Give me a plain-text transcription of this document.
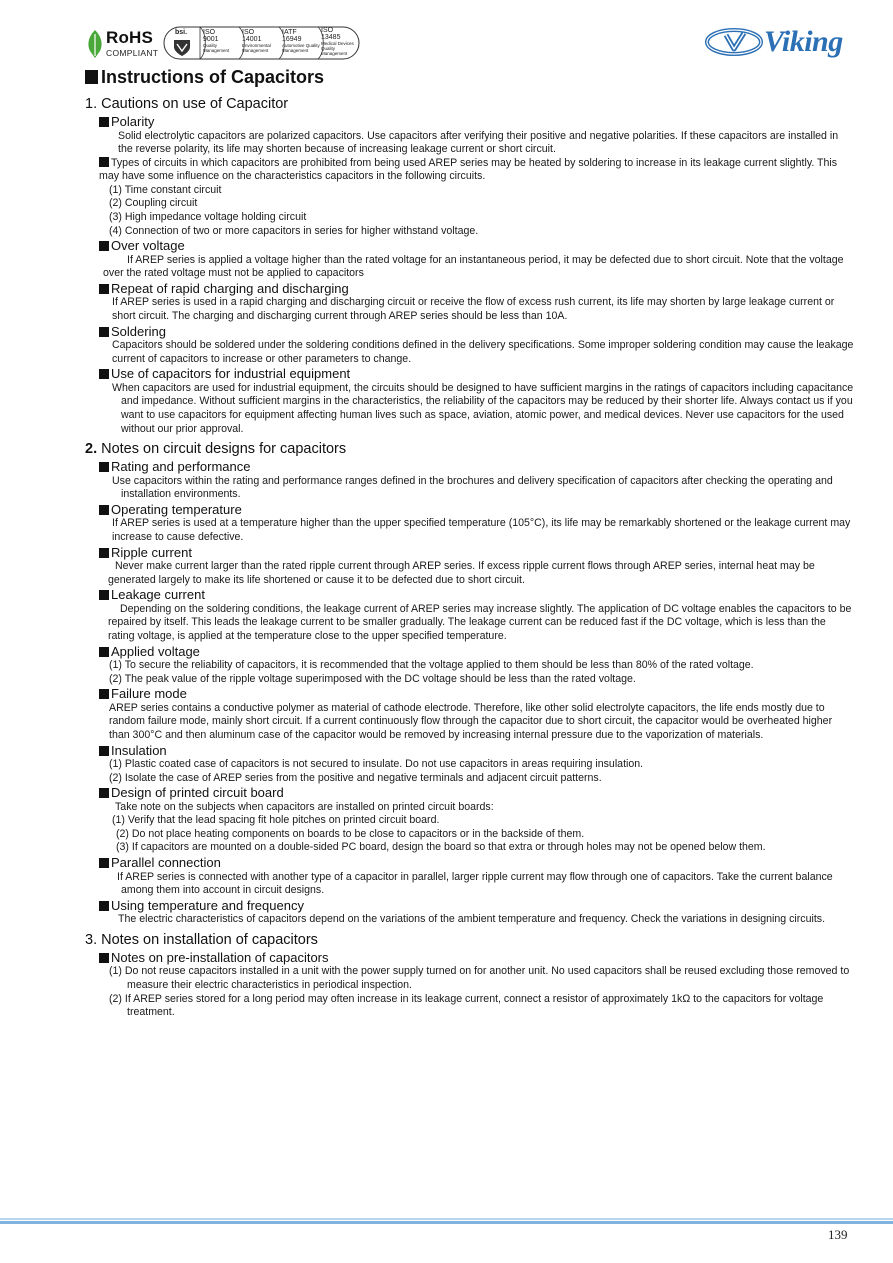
RoHS
COMPLIANT
bsi. ISO
9001
Quality
Management
ISO
14001
Environmental
Management
IATF
16949
Automotive Quality
Management
ISO
13485
Medical Devices
Quality Management	Viking
Instructions of Capacitors
1. Cautions on use of Capacitor
Polarity

Solid electrolytic capacitors are polarized capacitors. Use capacitors after verifying their positive and negative polarities. If these capacitors are installed in the reverse polarity, its life may shorten because of increasing leakage current or short circuit.

Types of circuits in which capacitors are prohibited from being used AREP series may be heated by soldering to increase in its leakage current slightly. This may have some influence on the characteristics capacitors in the following circuits.

(1) Time constant circuit

(2) Coupling circuit

(3) High impedance voltage holding circuit

(4) Connection of two or more capacitors in series for higher withstand voltage.

Over voltage

If AREP series is applied a voltage higher than the rated voltage for an instantaneous period, it may be defected due to short circuit. Note that the voltage over the rated voltage must not be applied to capacitors

Repeat of rapid charging and discharging

If AREP series is used in a rapid charging and discharging circuit or receive the flow of excess rush current, its life may shorten by large leakage current or short circuit. The charging and discharging current through AREP series should be less than 10A.

Soldering

Capacitors should be soldered under the soldering conditions defined in the delivery specifications. Some improper soldering condition may cause the leakage current of capacitors to increase or other parameters to change.

Use of capacitors for industrial equipment

When capacitors are used for industrial equipment, the circuits should be designed to have sufficient margins in the ratings of capacitors including capacitance and impedance. Without sufficient margins in the characteristics, the reliability of the capacitors may be reduced by their shorter life. Always contact us if you want to use capacitors for equipment affecting human lives such as space, aviation, atomic power, and medical devices. Never use capacitors for the used without our prior approval.

2. Notes on circuit designs for capacitors
Rating and performance

Use capacitors within the rating and performance ranges defined in the brochures and delivery specification of capacitors after checking the operating and installation environments.

Operating temperature

If AREP series is used at a temperature higher than the upper specified temperature (105°C), its life may be remarkably shortened or the leakage current may increase to cause defective.

Ripple current

Never make current larger than the rated ripple current through AREP series. If excess ripple current flows through AREP series, internal heat may be generated largely to make its life shortened or cause it to be defected due to short circuit.

Leakage current

Depending on the soldering conditions, the leakage current of AREP series may increase slightly. The application of DC voltage enables the capacitors to be repaired by itself. This leads the leakage current to be smaller gradually. The leakage current can be reduced fast if the DC voltage, which is less than the rating voltage, is applied at the temperature close to the upper specified temperature.

Applied voltage

(1) To secure the reliability of capacitors, it is recommended that the voltage applied to them should be less than 80% of the rated voltage.

(2) The peak value of the ripple voltage superimposed with the DC voltage should be less than the rated voltage.

Failure mode

AREP series contains a conductive polymer as material of cathode electrode. Therefore, like other solid electrolyte capacitors, the life ends mostly due to random failure mode, mainly short circuit. If a current continuously flow through the capacitor due to short circuit, the capacitor would be overheated higher than 300°C and then aluminum case of the capacitor would be removed by increasing internal pressure due to the vaporization of materials.

Insulation

(1) Plastic coated case of capacitors is not secured to insulate. Do not use capacitors in areas requiring insulation.

(2) Isolate the case of AREP series from the positive and negative terminals and adjacent circuit patterns.

Design of printed circuit board

Take note on the subjects when capacitors are installed on printed circuit boards:

(1) Verify that the lead spacing fit hole pitches on printed circuit board.

(2) Do not place heating components on boards to be close to capacitors or in the backside of them.

(3) If capacitors are mounted on a double-sided PC board, design the board so that extra or through holes may not be opened below them.

Parallel connection

If AREP series is connected with another type of a capacitor in parallel, larger ripple current may flow through one of capacitors. Take the current balance among them into account in circuit designs.

Using temperature and frequency

The electric characteristics of capacitors depend on the variations of the ambient temperature and frequency. Check the variations in designing circuits.

3. Notes on installation of capacitors
Notes on pre-installation of capacitors

(1) Do not reuse capacitors installed in a unit with the power supply turned on for another unit. No used capacitors shall be reused excluding those removed to measure their electric characteristics in periodical inspection.

(2) If AREP series stored for a long period may often increase in its leakage current, connect a resistor of approximately 1kΩ to the capacitors for voltage treatment.

139
